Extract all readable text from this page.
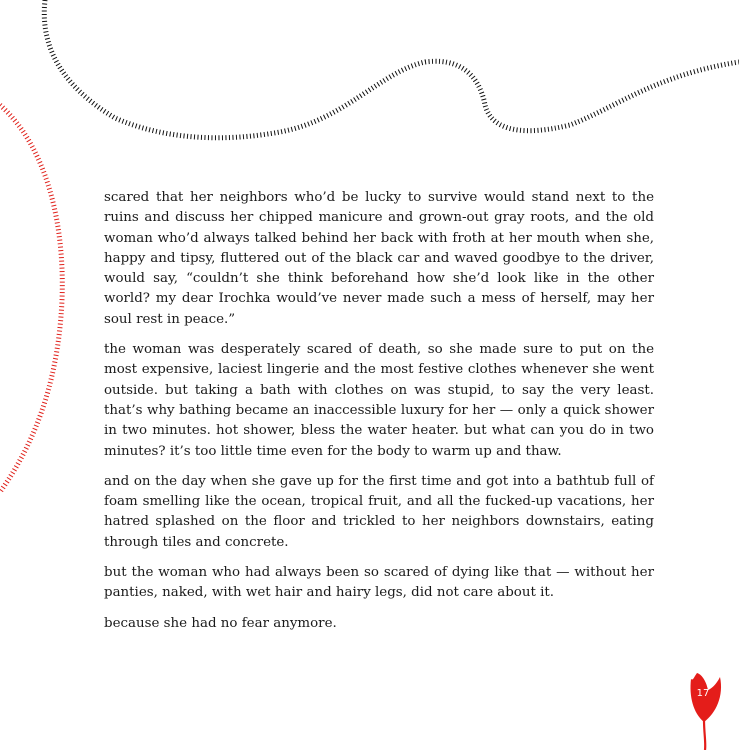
scared that her neighbors who’d be lucky to survive would stand next to the ruins and discuss her chipped manicure and grown-out gray roots, and the old woman who’d always talked behind her back with froth at her mouth when she, happy and tipsy, fluttered out of the black car and waved goodbye to the driver, would say, “couldn’t she think beforehand how she’d look like in the other world? my dear Irochka would’ve never made such a mess of herself, may her soul rest in peace.”

the woman was desperately scared of death, so she made sure to put on the most expensive, laciest lingerie and the most festive clothes whenever she went outside. but taking a bath with clothes on was stupid, to say the very least. that’s why bathing became an inaccessible luxury for her — only a quick shower in two minutes. hot shower, bless the water heater. but what can you do in two minutes? it’s too little time even for the body to warm up and thaw.

and on the day when she gave up for the first time and got into a bathtub full of foam smelling like the ocean, tropical fruit, and all the fucked-up vacations, her hatred splashed on the floor and trickled to her neighbors downstairs, eating through tiles and concrete.

but the woman who had always been so scared of dying like that — without her panties, naked, with wet hair and hairy legs, did not care about it.

because she had no fear anymore.

17
